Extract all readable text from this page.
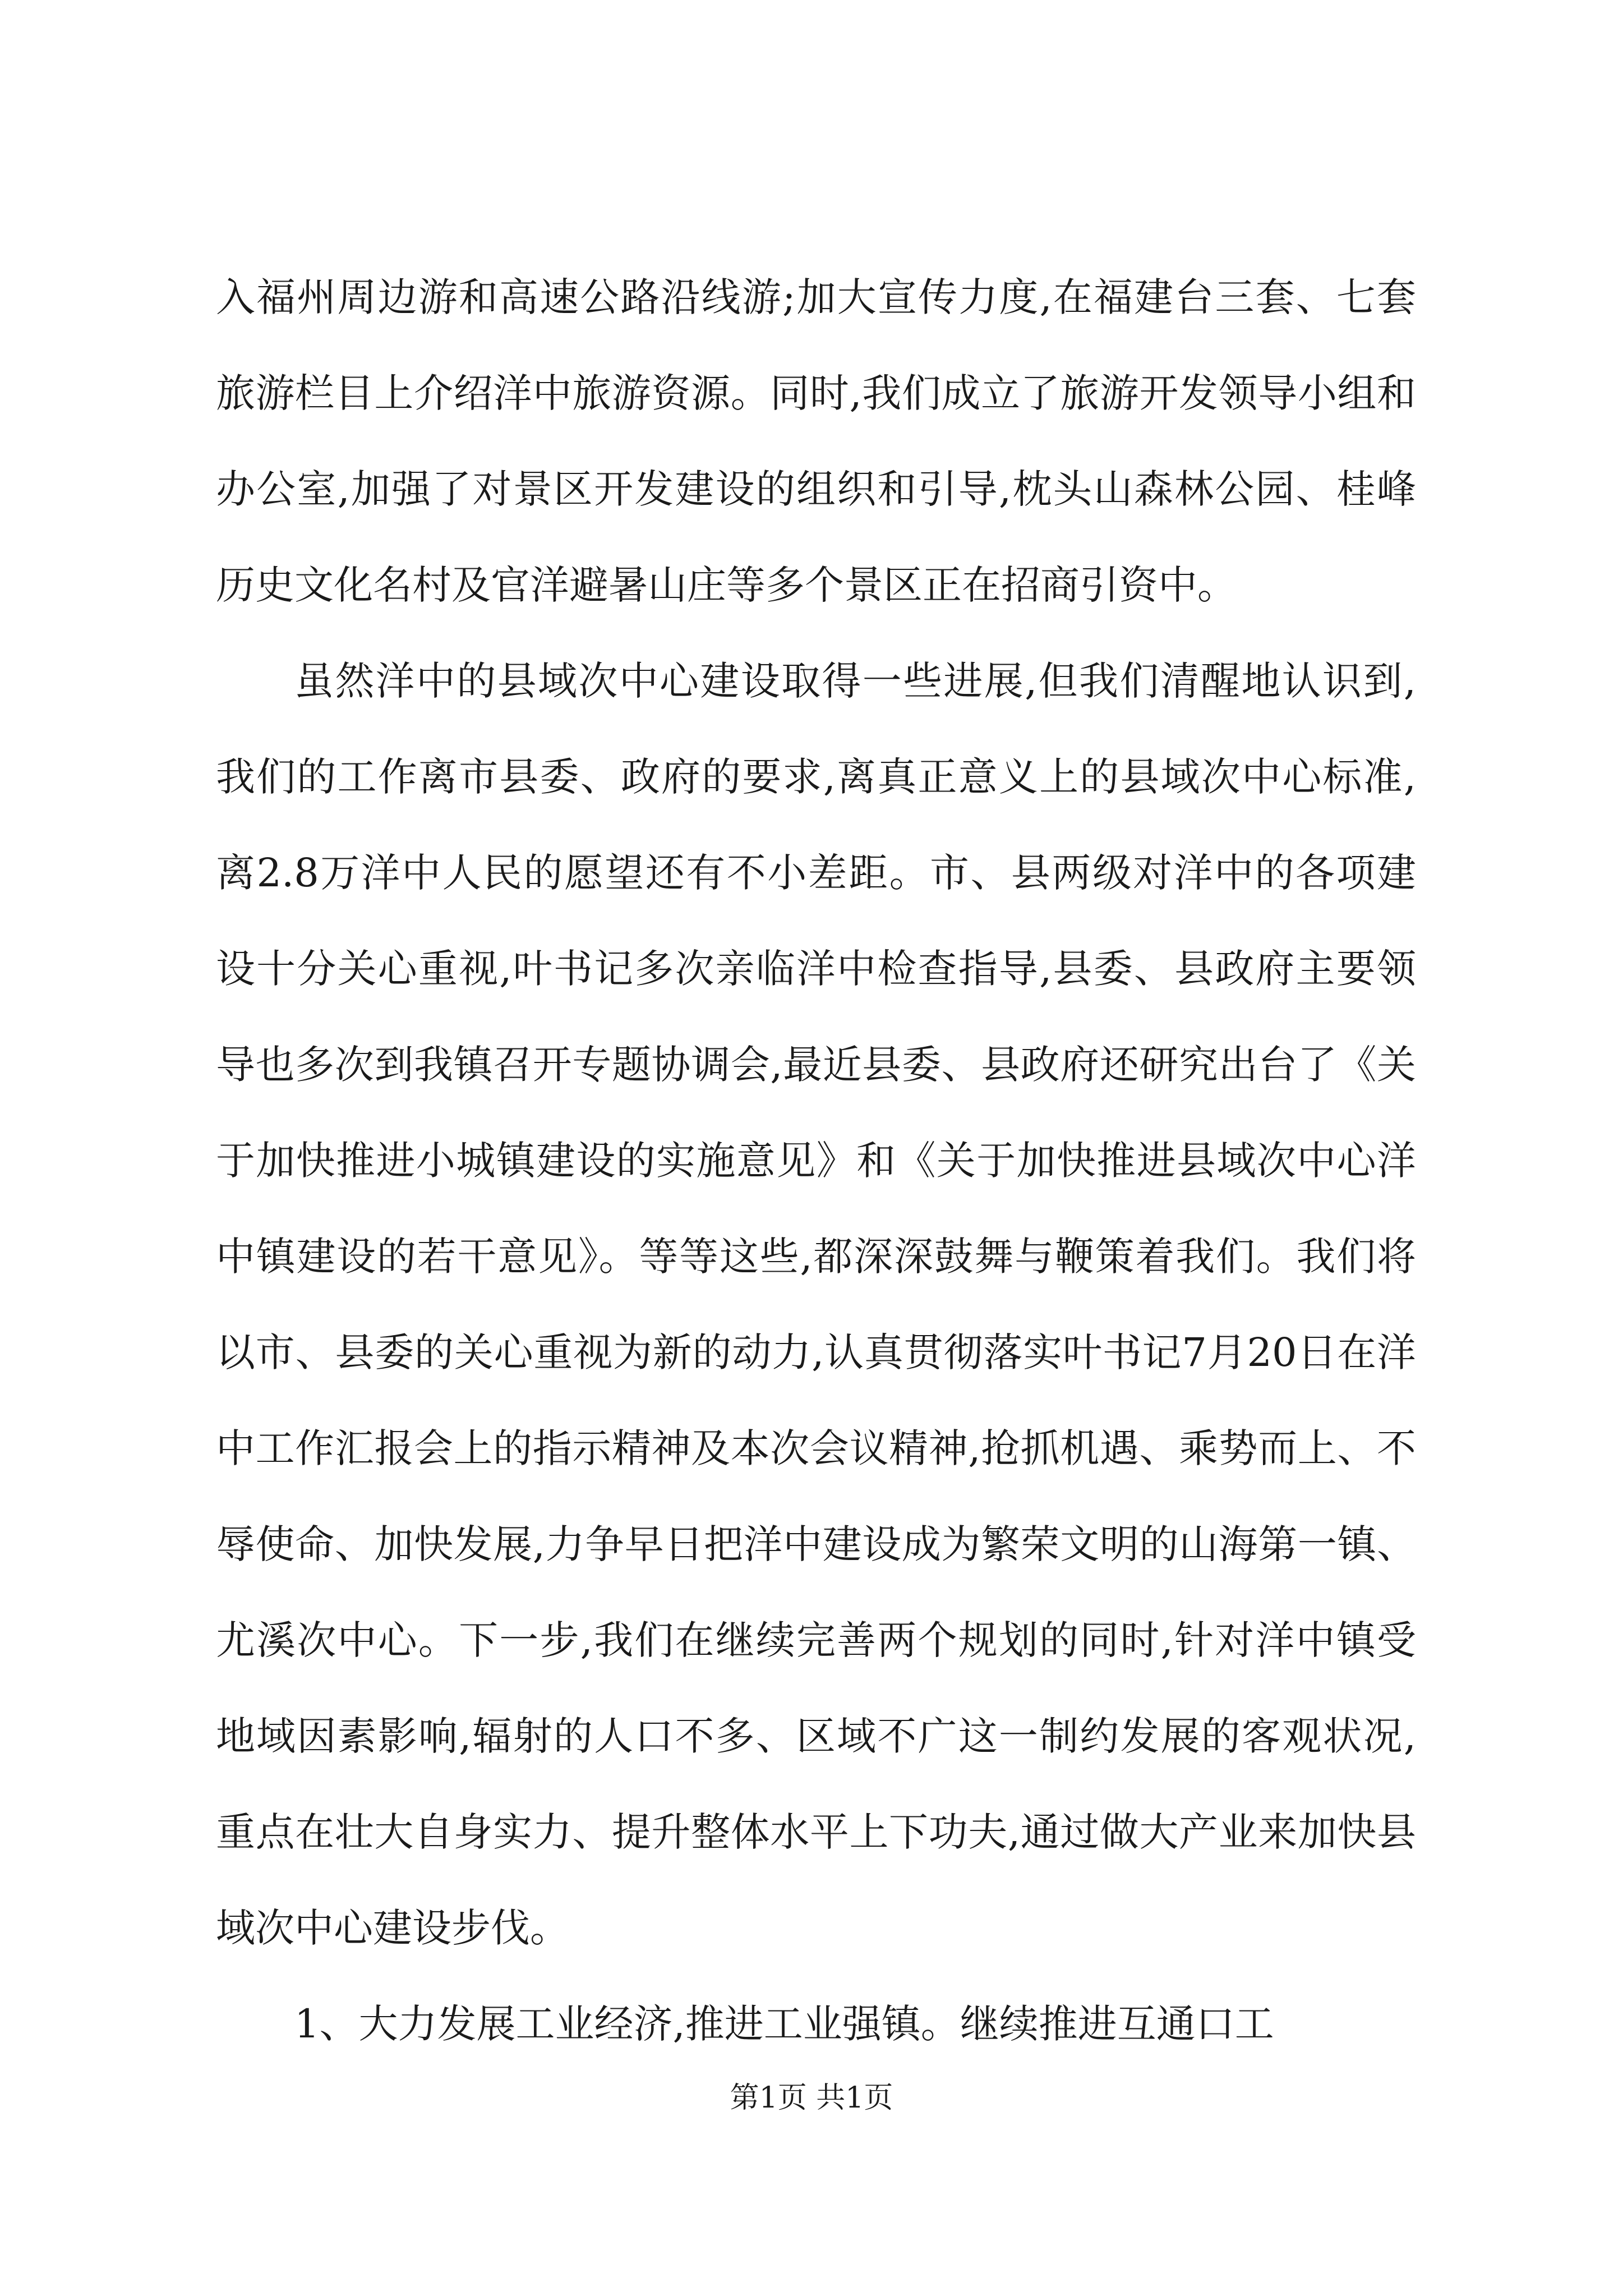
入福州周边游和高速公路沿线游;加大宣传力度,在福建台三套、七套旅游栏目上介绍洋中旅游资源。同时,我们成立了旅游开发领导小组和办公室,加强了对景区开发建设的组织和引导,枕头山森林公园、桂峰历史文化名村及官洋避暑山庄等多个景区正在招商引资中。

虽然洋中的县域次中心建设取得一些进展,但我们清醒地认识到,我们的工作离市县委、政府的要求,离真正意义上的县域次中心标准,离2.8万洋中人民的愿望还有不小差距。市、县两级对洋中的各项建设十分关心重视,叶书记多次亲临洋中检查指导,县委、县政府主要领导也多次到我镇召开专题协调会,最近县委、县政府还研究出台了《关于加快推进小城镇建设的实施意见》和《关于加快推进县域次中心洋中镇建设的若干意见》。等等这些,都深深鼓舞与鞭策着我们。我们将以市、县委的关心重视为新的动力,认真贯彻落实叶书记7月20日在洋中工作汇报会上的指示精神及本次会议精神,抢抓机遇、乘势而上、不辱使命、加快发展,力争早日把洋中建设成为繁荣文明的山海第一镇、尤溪次中心。下一步,我们在继续完善两个规划的同时,针对洋中镇受地域因素影响,辐射的人口不多、区域不广这一制约发展的客观状况,重点在壮大自身实力、提升整体水平上下功夫,通过做大产业来加快县域次中心建设步伐。

1、大力发展工业经济,推进工业强镇。继续推进互通口工

第1页 共1页
